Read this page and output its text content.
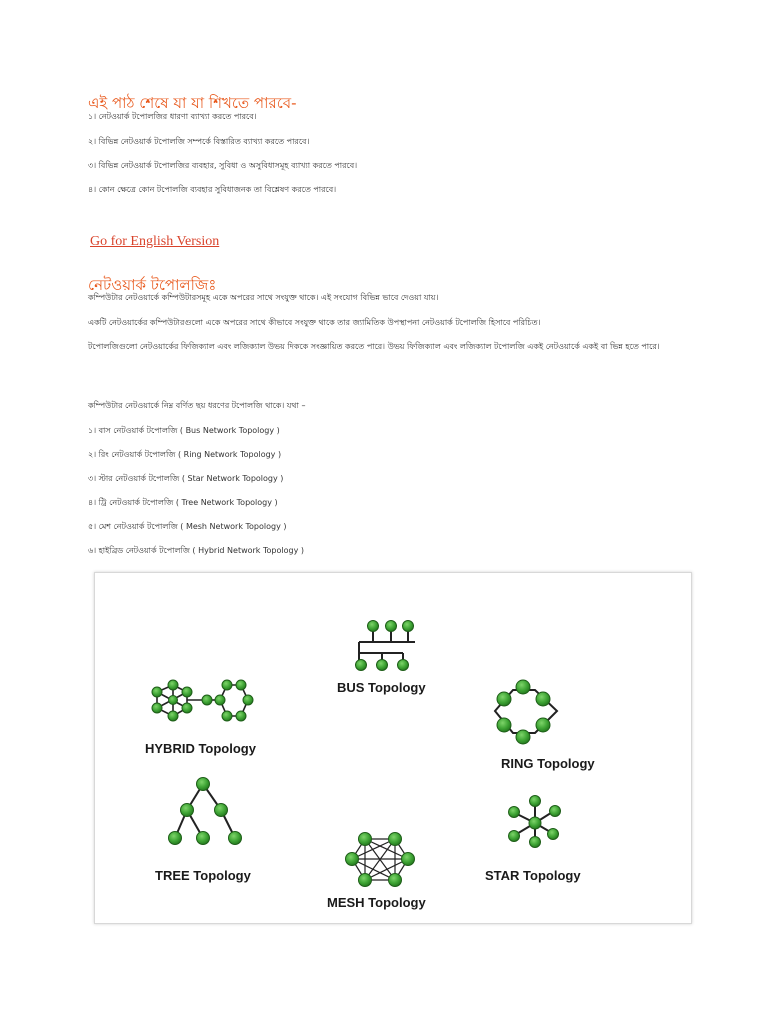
এই পাঠ শেষে যা যা শিখতে পারবে-

১। নেটওয়ার্ক টপোলজির ধারণা ব্যাখ্যা করতে পারবে।

২। বিভিন্ন নেটওয়ার্ক টপোলজি সম্পর্কে বিস্তারিত ব্যাখ্যা করতে পারবে।

৩। বিভিন্ন নেটওয়ার্ক টপোলজির ব্যবহার, সুবিধা ও অসুবিধাসমূহ ব্যাখ্যা করতে পারবে।

৪। কোন ক্ষেত্রে কোন টপোলজি ব্যবহার সুবিধাজনক তা বিশ্লেষণ করতে পারবে।

Go for English Version
নেটওয়ার্ক টপোলজিঃ

কম্পিউটার নেটওয়ার্কে কম্পিউটারসমূহ একে অপরের সাথে সংযুক্ত থাকে। এই সংযোগ বিভিন্ন ভাবে দেওয়া যায়।

একটি নেটওয়ার্কের কম্পিউটারগুলো একে অপরের সাথে কীভাবে সংযুক্ত থাকে তার জ্যামিতিক উপস্থাপনা নেটওয়ার্ক টপোলজি হিসাবে পরিচিত।

টপোলজিগুলো নেটওয়ার্কের ফিজিক্যাল এবং লজিক্যাল উভয় দিককে সংজ্ঞায়িত করতে পারে। উভয় ফিজিক্যাল এবং লজিক্যাল টপোলজি একই নেটওয়ার্কে একই বা ভিন্ন হতে পারে।

কম্পিউটার নেটওয়ার্কে নিম্ন বর্ণিত ছয় ধরণের টপোলজি থাকে। যথা –

১। বাস নেটওয়ার্ক টপোলজি ( Bus Network Topology )

২। রিং নেটওয়ার্ক টপোলজি ( Ring Network Topology )

৩। স্টার নেটওয়ার্ক টপোলজি ( Star Network Topology )

৪। ট্রি নেটওয়ার্ক টপোলজি ( Tree Network Topology )

৫। মেশ নেটওয়ার্ক টপোলজি ( Mesh Network Topology )

৬। হাইব্রিড নেটওয়ার্ক টপোলজি ( Hybrid Network Topology )

BUS Topology
HYBRID Topology
RING Topology
TREE Topology	STAR Topology
MESH Topology
